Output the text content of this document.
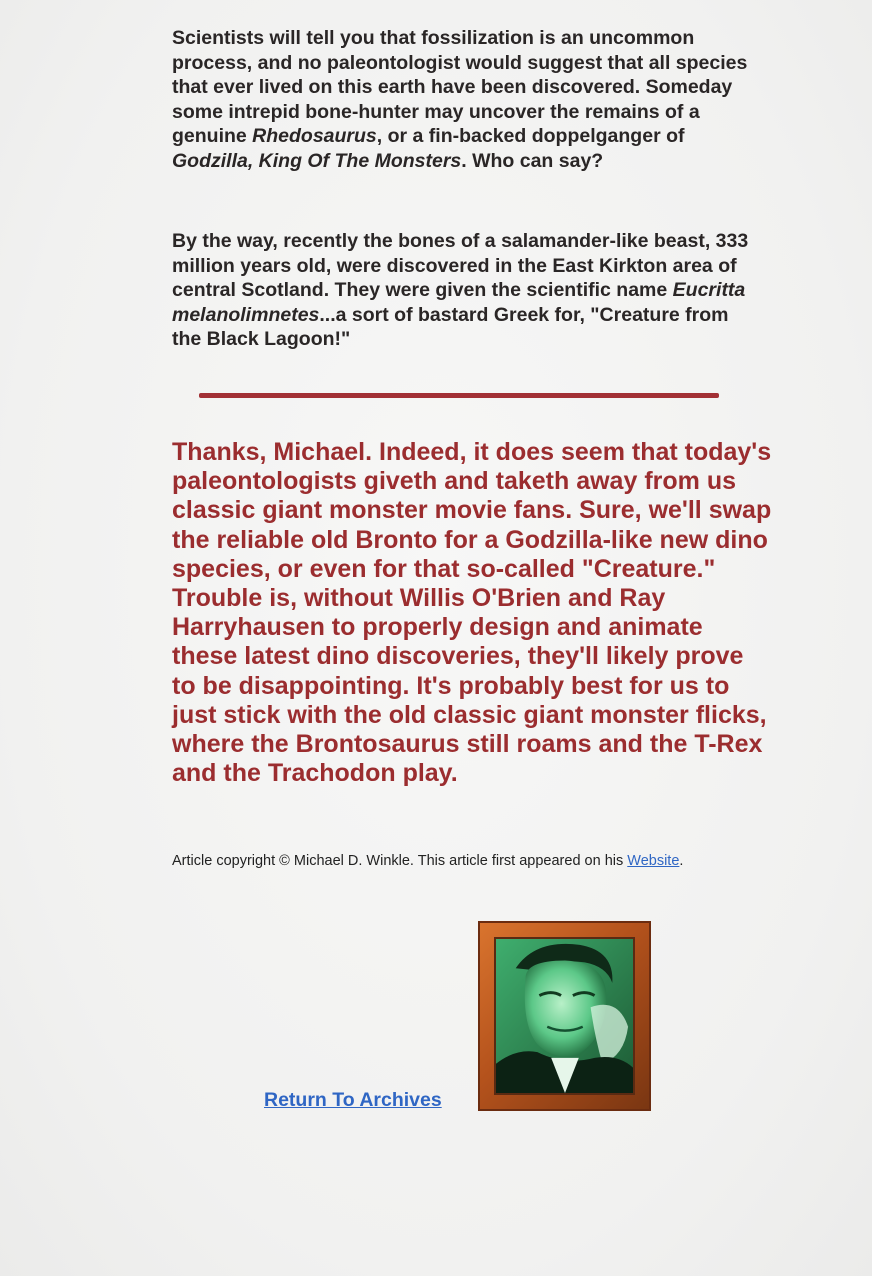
Scientists will tell you that fossilization is an uncommon process, and no paleontologist would suggest that all species that ever lived on this earth have been discovered. Someday some intrepid bone-hunter may uncover the remains of a genuine Rhedosaurus, or a fin-backed doppelganger of Godzilla, King Of The Monsters. Who can say?

By the way, recently the bones of a salamander-like beast, 333 million years old, were discovered in the East Kirkton area of central Scotland. They were given the scientific name Eucritta melanolimnetes...a sort of bastard Greek for, "Creature from the Black Lagoon!"

Thanks, Michael. Indeed, it does seem that today's paleontologists giveth and taketh away from us classic giant monster movie fans. Sure, we'll swap the reliable old Bronto for a Godzilla-like new dino species, or even for that so-called "Creature." Trouble is, without Willis O'Brien and Ray Harryhausen to properly design and animate these latest dino discoveries, they'll likely prove to be disappointing. It's probably best for us to just stick with the old classic giant monster flicks, where the Brontosaurus still roams and the T-Rex and the Trachodon play.

Article copyright © Michael D. Winkle. This article first appeared on his Website.

Return To Archives
